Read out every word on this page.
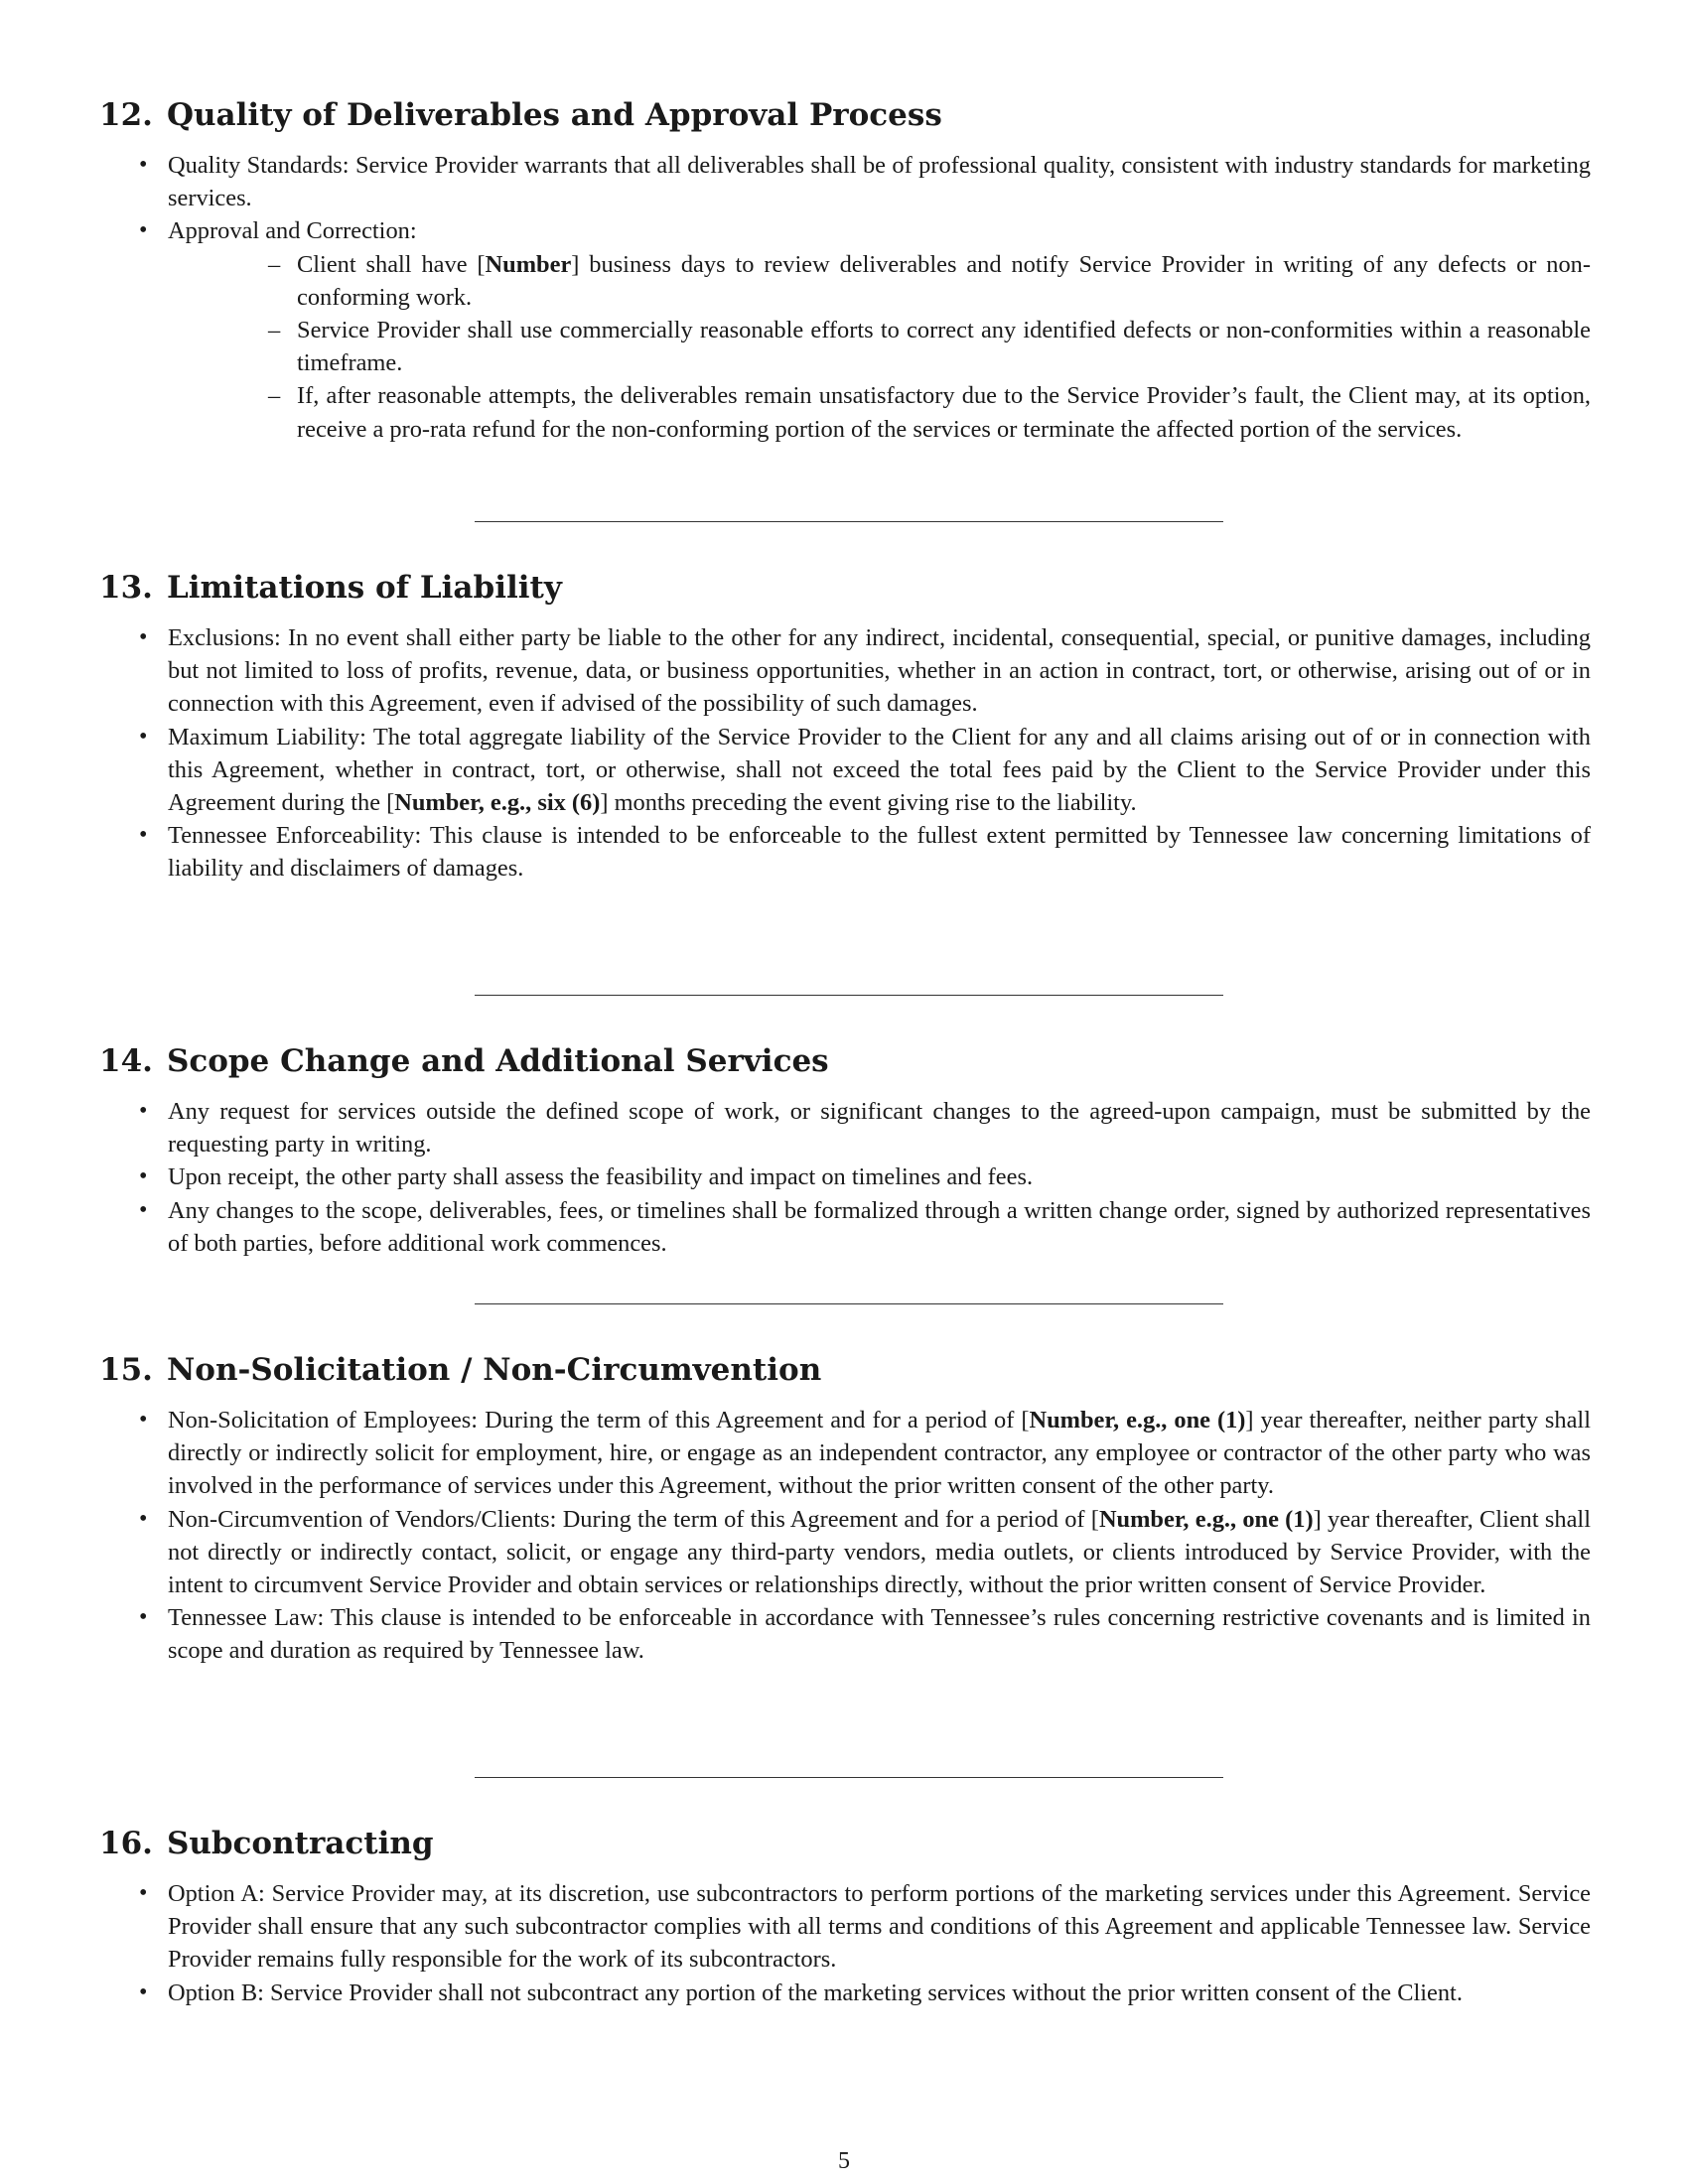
12. Quality of Deliverables and Approval Process
• Quality Standards: Service Provider warrants that all deliverables shall be of professional quality, consistent with industry standards for marketing services.
• Approval and Correction:
– Client shall have [Number] business days to review deliverables and notify Service Provider in writing of any defects or non-conforming work.
– Service Provider shall use commercially reasonable efforts to correct any identified defects or non-conformities within a reasonable timeframe.
– If, after reasonable attempts, the deliverables remain unsatisfactory due to the Service Provider’s fault, the Client may, at its option, receive a pro-rata refund for the non-conforming portion of the services or terminate the affected portion of the services.
13. Limitations of Liability
• Exclusions: In no event shall either party be liable to the other for any indirect, incidental, consequential, special, or punitive damages, including but not limited to loss of profits, revenue, data, or business opportunities, whether in an action in contract, tort, or otherwise, arising out of or in connection with this Agreement, even if advised of the possibility of such damages.
• Maximum Liability: The total aggregate liability of the Service Provider to the Client for any and all claims arising out of or in connection with this Agreement, whether in contract, tort, or otherwise, shall not exceed the total fees paid by the Client to the Service Provider under this Agreement during the [Number, e.g., six (6)] months preceding the event giving rise to the liability.
• Tennessee Enforceability: This clause is intended to be enforceable to the fullest extent permitted by Tennessee law concerning limitations of liability and disclaimers of damages.
14. Scope Change and Additional Services
• Any request for services outside the defined scope of work, or significant changes to the agreed-upon campaign, must be submitted by the requesting party in writing.
• Upon receipt, the other party shall assess the feasibility and impact on timelines and fees.
• Any changes to the scope, deliverables, fees, or timelines shall be formalized through a written change order, signed by authorized representatives of both parties, before additional work commences.
15. Non-Solicitation / Non-Circumvention
• Non-Solicitation of Employees: During the term of this Agreement and for a period of [Number, e.g., one (1)] year thereafter, neither party shall directly or indirectly solicit for employment, hire, or engage as an independent contractor, any employee or contractor of the other party who was involved in the performance of services under this Agreement, without the prior written consent of the other party.
• Non-Circumvention of Vendors/Clients: During the term of this Agreement and for a period of [Number, e.g., one (1)] year thereafter, Client shall not directly or indirectly contact, solicit, or engage any third-party vendors, media outlets, or clients introduced by Service Provider, with the intent to circumvent Service Provider and obtain services or relationships directly, without the prior written consent of Service Provider.
• Tennessee Law: This clause is intended to be enforceable in accordance with Tennessee’s rules concerning restrictive covenants and is limited in scope and duration as required by Tennessee law.
16. Subcontracting
• Option A: Service Provider may, at its discretion, use subcontractors to perform portions of the marketing services under this Agreement. Service Provider shall ensure that any such subcontractor complies with all terms and conditions of this Agreement and applicable Tennessee law. Service Provider remains fully responsible for the work of its subcontractors.
• Option B: Service Provider shall not subcontract any portion of the marketing services without the prior written consent of the Client.
5
